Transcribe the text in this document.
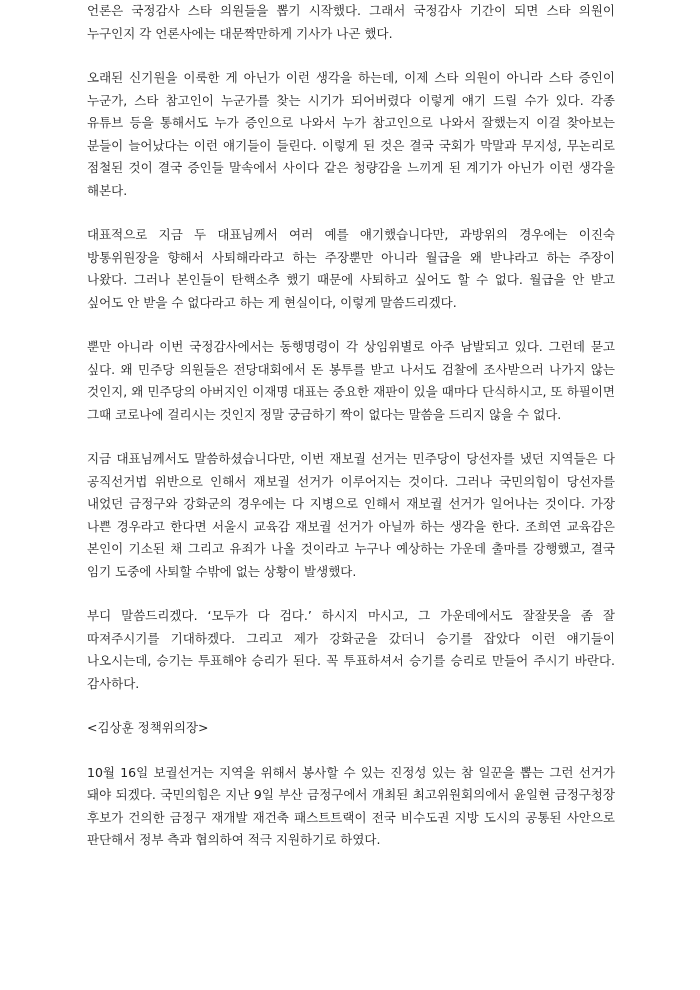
언론은 국정감사 스타 의원들을 뽑기 시작했다. 그래서 국정감사 기간이 되면 스타 의원이 누구인지 각 언론사에는 대문짝만하게 기사가 나곤 했다.

오래된 신기원을 이룩한 게 아닌가 이런 생각을 하는데, 이제 스타 의원이 아니라 스타 증인이 누군가, 스타 참고인이 누군가를 찾는 시기가 되어버렸다 이렇게 얘기 드릴 수가 있다. 각종 유튜브 등을 통해서도 누가 증인으로 나와서 누가 참고인으로 나와서 잘했는지 이걸 찾아보는 분들이 늘어났다는 이런 얘기들이 들린다. 이렇게 된 것은 결국 국회가 막말과 무지성, 무논리로 점철된 것이 결국 증인들 말속에서 사이다 같은 청량감을 느끼게 된 계기가 아닌가 이런 생각을 해본다.

대표적으로 지금 두 대표님께서 여러 예를 얘기했습니다만, 과방위의 경우에는 이진숙 방통위원장을 향해서 사퇴해라라고 하는 주장뿐만 아니라 월급을 왜 받냐라고 하는 주장이 나왔다. 그러나 본인들이 탄핵소추 했기 때문에 사퇴하고 싶어도 할 수 없다. 월급을 안 받고 싶어도 안 받을 수 없다라고 하는 게 현실이다, 이렇게 말씀드리겠다.

뿐만 아니라 이번 국정감사에서는 동행명령이 각 상임위별로 아주 남발되고 있다. 그런데 묻고 싶다. 왜 민주당 의원들은 전당대회에서 돈 봉투를 받고 나서도 검찰에 조사받으러 나가지 않는 것인지, 왜 민주당의 아버지인 이재명 대표는 중요한 재판이 있을 때마다 단식하시고, 또 하필이면 그때 코로나에 걸리시는 것인지 정말 궁금하기 짝이 없다는 말씀을 드리지 않을 수 없다.

지금 대표님께서도 말씀하셨습니다만, 이번 재보궐 선거는 민주당이 당선자를 냈던 지역들은 다 공직선거법 위반으로 인해서 재보궐 선거가 이루어지는 것이다. 그러나 국민의힘이 당선자를 내었던 금정구와 강화군의 경우에는 다 지병으로 인해서 재보궐 선거가 일어나는 것이다. 가장 나쁜 경우라고 한다면 서울시 교육감 재보궐 선거가 아닐까 하는 생각을 한다. 조희연 교육감은 본인이 기소된 채 그리고 유죄가 나올 것이라고 누구나 예상하는 가운데 출마를 강행했고, 결국 임기 도중에 사퇴할 수밖에 없는 상황이 발생했다.

부디 말씀드리겠다. ‘모두가 다 검다.’ 하시지 마시고, 그 가운데에서도 잘잘못을 좀 잘 따져주시기를 기대하겠다. 그리고 제가 강화군을 갔더니 승기를 잡았다 이런 얘기들이 나오시는데, 승기는 투표해야 승리가 된다. 꼭 투표하셔서 승기를 승리로 만들어 주시기 바란다. 감사하다.

<김상훈 정책위의장>

10월 16일 보궐선거는 지역을 위해서 봉사할 수 있는 진정성 있는 참 일꾼을 뽑는 그런 선거가 돼야 되겠다. 국민의힘은 지난 9일 부산 금정구에서 개최된 최고위원회의에서 윤일현 금정구청장 후보가 건의한 금정구 재개발 재건축 패스트트랙이 전국 비수도권 지방 도시의 공통된 사안으로 판단해서 정부 측과 협의하여 적극 지원하기로 하였다.
